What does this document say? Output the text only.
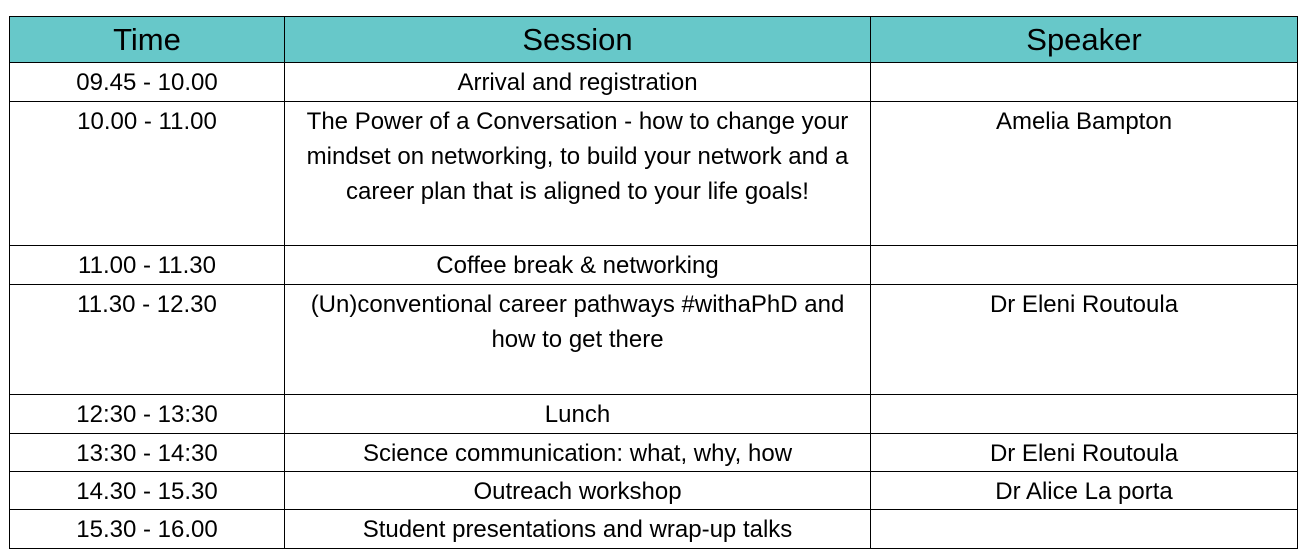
Time	Session	Speaker
09.45 - 10.00	Arrival and registration	
10.00 - 11.00	The Power of a Conversation - how to change your mindset on networking, to build your network and a career plan that is aligned to your life goals!	Amelia Bampton
11.00 - 11.30	Coffee break & networking	
11.30 - 12.30	(Un)conventional career pathways #withaPhD and how to get there	Dr Eleni Routoula
12:30 - 13:30	Lunch	
13:30 - 14:30	Science communication: what, why, how	Dr Eleni Routoula
14.30 - 15.30	Outreach workshop	Dr Alice La porta
15.30 - 16.00	Student presentations and wrap-up talks	
